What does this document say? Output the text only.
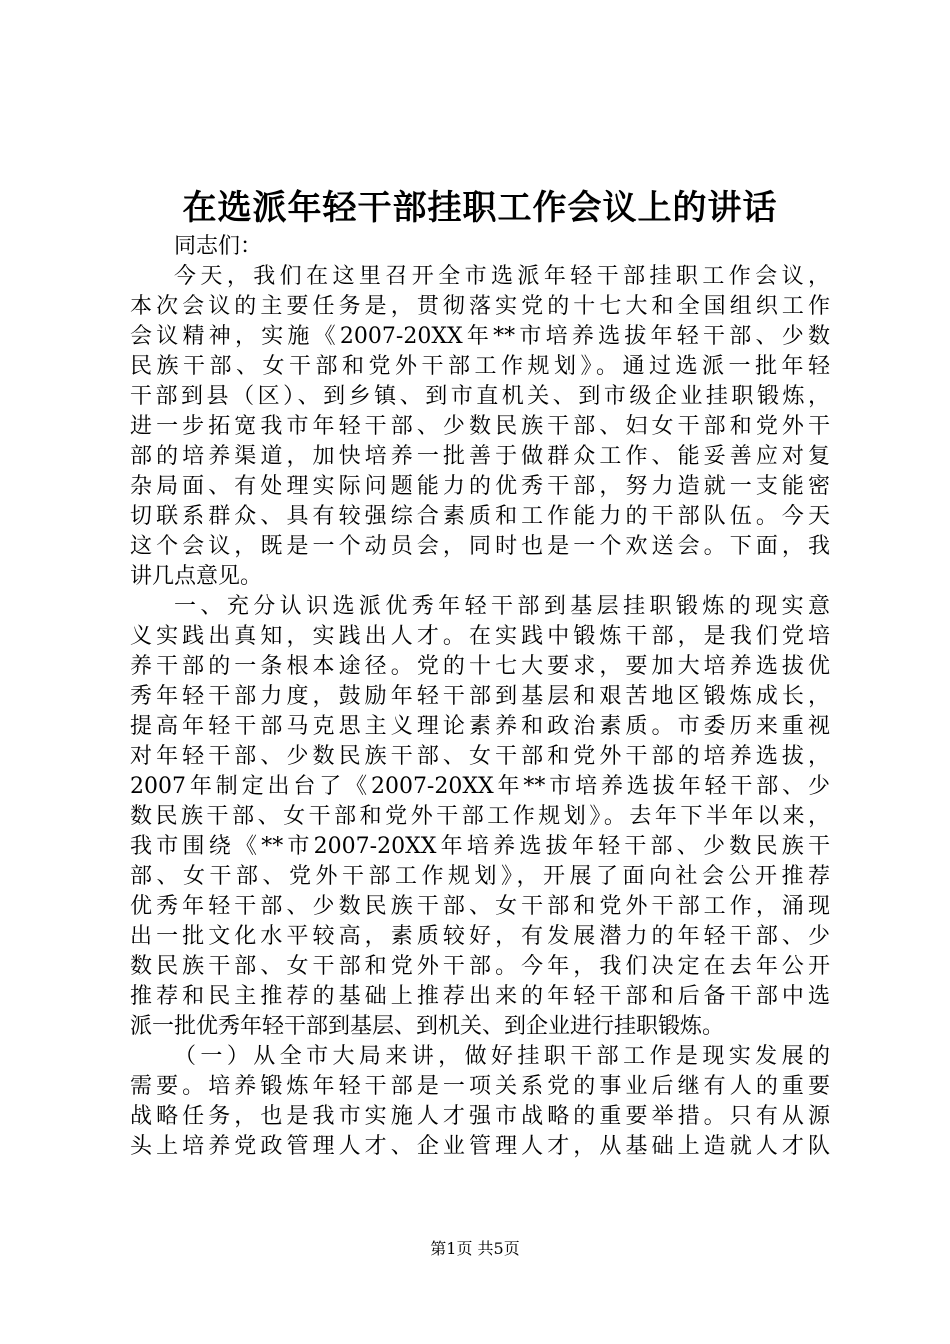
在选派年轻干部挂职工作会议上的讲话
同志们：
今天，我们在这里召开全市选派年轻干部挂职工作会议，
本次会议的主要任务是，贯彻落实党的十七大和全国组织工作
会议精神，实施《2007-20XX年**市培养选拔年轻干部、少数
民族干部、女干部和党外干部工作规划》。通过选派一批年轻
干部到县（区）、到乡镇、到市直机关、到市级企业挂职锻炼，
进一步拓宽我市年轻干部、少数民族干部、妇女干部和党外干
部的培养渠道，加快培养一批善于做群众工作、能妥善应对复
杂局面、有处理实际问题能力的优秀干部，努力造就一支能密
切联系群众、具有较强综合素质和工作能力的干部队伍。今天
这个会议，既是一个动员会，同时也是一个欢送会。下面，我
讲几点意见。
一、充分认识选派优秀年轻干部到基层挂职锻炼的现实意
义实践出真知，实践出人才。在实践中锻炼干部，是我们党培
养干部的一条根本途径。党的十七大要求，要加大培养选拔优
秀年轻干部力度，鼓励年轻干部到基层和艰苦地区锻炼成长，
提高年轻干部马克思主义理论素养和政治素质。市委历来重视
对年轻干部、少数民族干部、女干部和党外干部的培养选拔，
2007年制定出台了《2007-20XX年**市培养选拔年轻干部、少
数民族干部、女干部和党外干部工作规划》。去年下半年以来，
我市围绕《**市2007-20XX年培养选拔年轻干部、少数民族干
部、女干部、党外干部工作规划》，开展了面向社会公开推荐
优秀年轻干部、少数民族干部、女干部和党外干部工作，涌现
出一批文化水平较高，素质较好，有发展潜力的年轻干部、少
数民族干部、女干部和党外干部。今年，我们决定在去年公开
推荐和民主推荐的基础上推荐出来的年轻干部和后备干部中选
派一批优秀年轻干部到基层、到机关、到企业进行挂职锻炼。
（一）从全市大局来讲，做好挂职干部工作是现实发展的
需要。培养锻炼年轻干部是一项关系党的事业后继有人的重要
战略任务，也是我市实施人才强市战略的重要举措。只有从源
头上培养党政管理人才、企业管理人才，从基础上造就人才队
第1页 共5页
